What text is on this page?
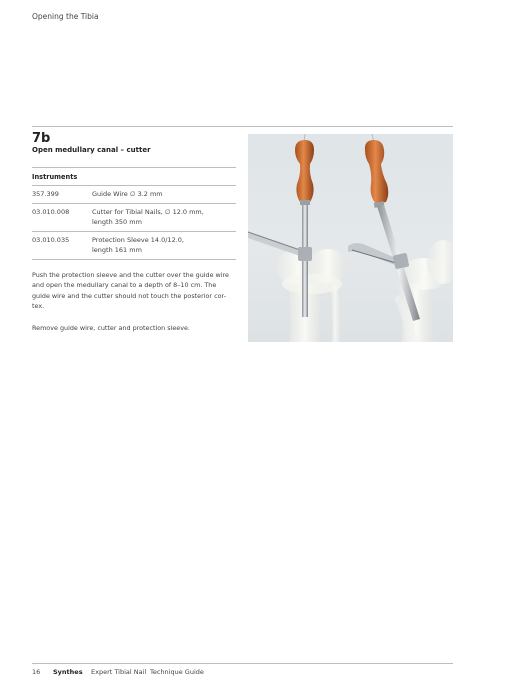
Opening the Tibia
7b
Open medullary canal – cutter
Instruments
357.399	Guide Wire ∅ 3.2 mm
03.010.008	Cutter for Tibial Nails, ∅ 12.0 mm,
length 350 mm
03.010.035	Protection Sleeve 14.0/12.0,
length 161 mm
Push the protection sleeve and the cutter over the guide wire
and open the medullary canal to a depth of 8–10 cm. The
guide wire and the cutter should not touch the posterior cor-
tex.
Remove guide wire, cutter and protection sleeve.
16 Synthes Expert Tibial Nail Technique Guide
